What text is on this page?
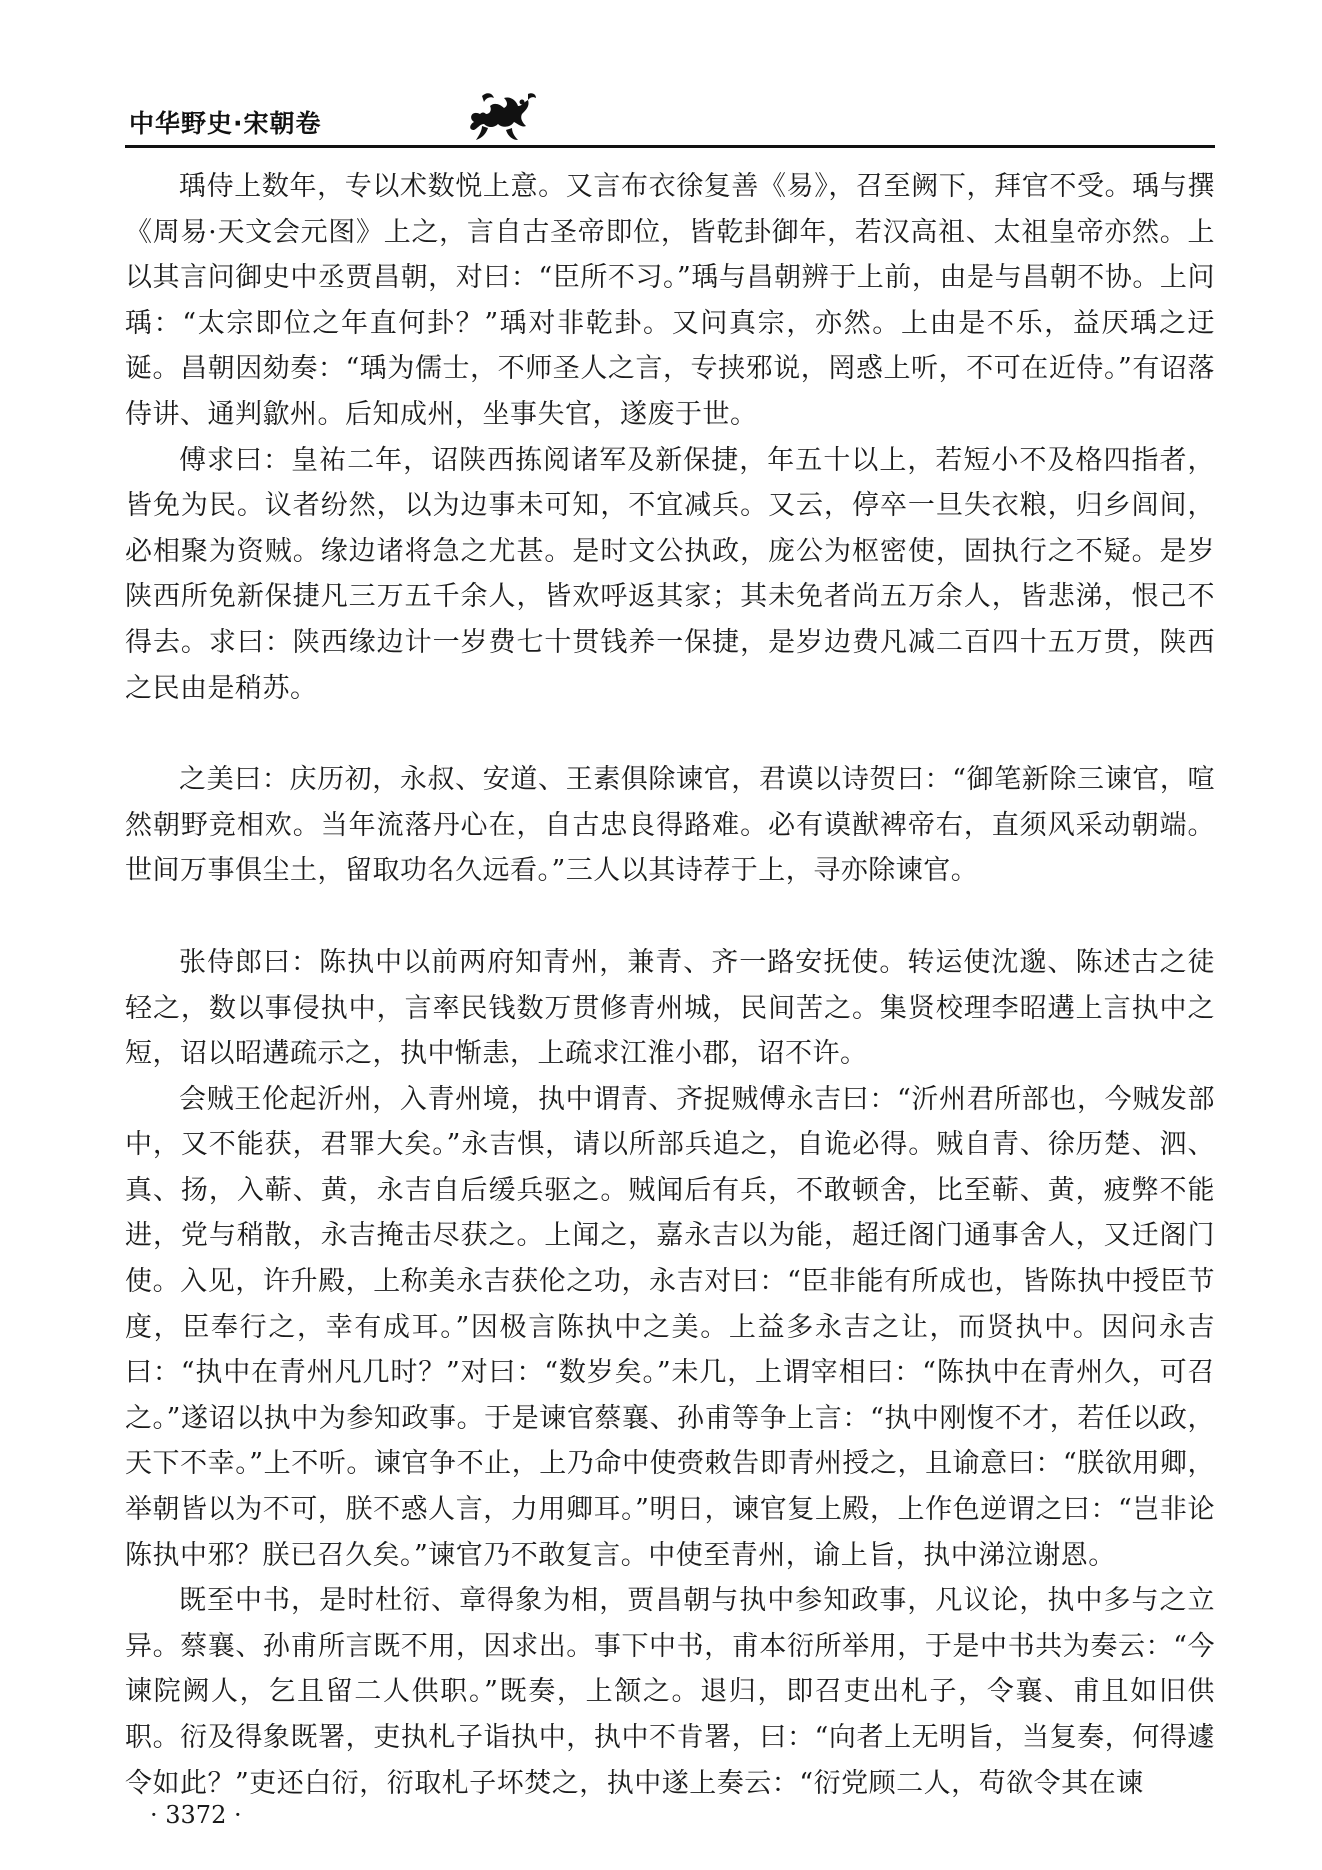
中华野史·宋朝卷

瑀侍上数年，专以术数悦上意。又言布衣徐复善《易》，召至阙下，拜官不受。瑀与撰《周易·天文会元图》上之，言自古圣帝即位，皆乾卦御年，若汉高祖、太祖皇帝亦然。上以其言问御史中丞贾昌朝，对曰：“臣所不习。”瑀与昌朝辨于上前，由是与昌朝不协。上问瑀：“太宗即位之年直何卦？”瑀对非乾卦。又问真宗，亦然。上由是不乐，益厌瑀之迂诞。昌朝因劾奏：“瑀为儒士，不师圣人之言，专挟邪说，罔惑上听，不可在近侍。”有诏落侍讲、通判歙州。后知成州，坐事失官，遂废于世。

傅求曰：皇祐二年，诏陕西拣阅诸军及新保捷，年五十以上，若短小不及格四指者，皆免为民。议者纷然，以为边事未可知，不宜减兵。又云，停卒一旦失衣粮，归乡闾间，必相聚为资贼。缘边诸将急之尤甚。是时文公执政，庞公为枢密使，固执行之不疑。是岁陕西所免新保捷凡三万五千余人，皆欢呼返其家；其未免者尚五万余人，皆悲涕，恨己不得去。求曰：陕西缘边计一岁费七十贯钱养一保捷，是岁边费凡减二百四十五万贯，陕西之民由是稍苏。

之美曰：庆历初，永叔、安道、王素俱除谏官，君谟以诗贺曰：“御笔新除三谏官，喧然朝野竞相欢。当年流落丹心在，自古忠良得路难。必有谟猷裨帝右，直须风采动朝端。世间万事俱尘土，留取功名久远看。”三人以其诗荐于上，寻亦除谏官。

张侍郎曰：陈执中以前两府知青州，兼青、齐一路安抚使。转运使沈邈、陈述古之徒轻之，数以事侵执中，言率民钱数万贯修青州城，民间苦之。集贤校理李昭遘上言执中之短，诏以昭遘疏示之，执中惭恚，上疏求江淮小郡，诏不许。

会贼王伦起沂州，入青州境，执中谓青、齐捉贼傅永吉曰：“沂州君所部也，今贼发部中，又不能获，君罪大矣。”永吉惧，请以所部兵追之，自诡必得。贼自青、徐历楚、泗、真、扬，入蕲、黄，永吉自后缓兵驱之。贼闻后有兵，不敢顿舍，比至蕲、黄，疲弊不能进，党与稍散，永吉掩击尽获之。上闻之，嘉永吉以为能，超迁阁门通事舍人，又迁阁门使。入见，许升殿，上称美永吉获伦之功，永吉对曰：“臣非能有所成也，皆陈执中授臣节度，臣奉行之，幸有成耳。”因极言陈执中之美。上益多永吉之让，而贤执中。因问永吉曰：“执中在青州凡几时？”对曰：“数岁矣。”未几，上谓宰相曰：“陈执中在青州久，可召之。”遂诏以执中为参知政事。于是谏官蔡襄、孙甫等争上言：“执中刚愎不才，若任以政，天下不幸。”上不听。谏官争不止，上乃命中使赍敕告即青州授之，且谕意曰：“朕欲用卿，举朝皆以为不可，朕不惑人言，力用卿耳。”明日，谏官复上殿，上作色逆谓之曰：“岂非论陈执中邪？朕已召久矣。”谏官乃不敢复言。中使至青州，谕上旨，执中涕泣谢恩。

既至中书，是时杜衍、章得象为相，贾昌朝与执中参知政事，凡议论，执中多与之立异。蔡襄、孙甫所言既不用，因求出。事下中书，甫本衍所举用，于是中书共为奏云：“今谏院阙人，乞且留二人供职。”既奏，上颔之。退归，即召吏出札子，令襄、甫且如旧供职。衍及得象既署，吏执札子诣执中，执中不肯署，曰：“向者上无明旨，当复奏，何得遽令如此？”吏还白衍，衍取札子坏焚之，执中遂上奏云：“衍党顾二人，苟欲令其在谏

· 3372 ·
